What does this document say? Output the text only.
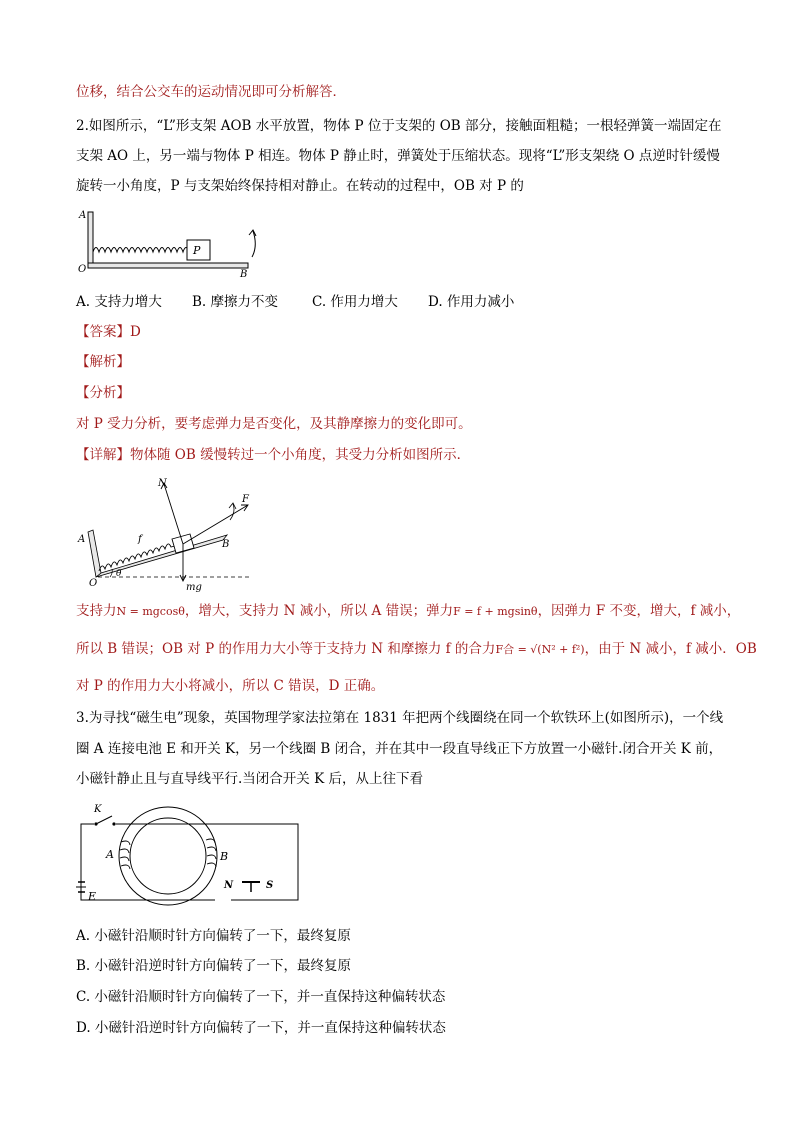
位移，结合公交车的运动情况即可分析解答．
2.如图所示，“L”形支架 AOB 水平放置，物体 P 位于支架的 OB 部分，接触面粗糙；一根轻弹簧一端固定在
支架 AO 上，另一端与物体 P 相连。物体 P 静止时，弹簧处于压缩状态。现将“L”形支架绕 O 点逆时针缓慢
旋转一小角度，P 与支架始终保持相对静止。在转动的过程中，OB 对 P 的
P
A
O	B
A. 支持力增大 B. 摩擦力不变	C. 作用力增大 D. 作用力减小
【答案】D
【解析】
【分析】
对 P 受力分析，要考虑弹力是否变化，及其静摩擦力的变化即可。
【详解】物体随 OB 缓慢转过一个小角度，其受力分析如图所示．
N
F
f
A	B
O
θ
mg
支持力N = mgcosθ，增大，支持力 N 减小，所以 A 错误；弹力F = f + mgsinθ，因弹力 F 不变，增大，f 减小，
所以 B 错误；OB 对 P 的作用力大小等于支持力 N 和摩擦力 f 的合力F合 = √(N² + f²)，由于 N 减小，f 减小．OB
对 P 的作用力大小将减小，所以 C 错误，D 正确。
3.为寻找“磁生电”现象，英国物理学家法拉第在 1831 年把两个线圈绕在同一个软铁环上(如图所示)，一个线
圈 A 连接电池 E 和开关 K，另一个线圈 B 闭合，并在其中一段直导线正下方放置一小磁针.闭合开关 K 前，
小磁针静止且与直导线平行.当闭合开关 K 后，从上往下看
K
A	B
E
N	S
A. 小磁针沿顺时针方向偏转了一下，最终复原
B. 小磁针沿逆时针方向偏转了一下，最终复原
C. 小磁针沿顺时针方向偏转了一下，并一直保持这种偏转状态
D. 小磁针沿逆时针方向偏转了一下，并一直保持这种偏转状态
